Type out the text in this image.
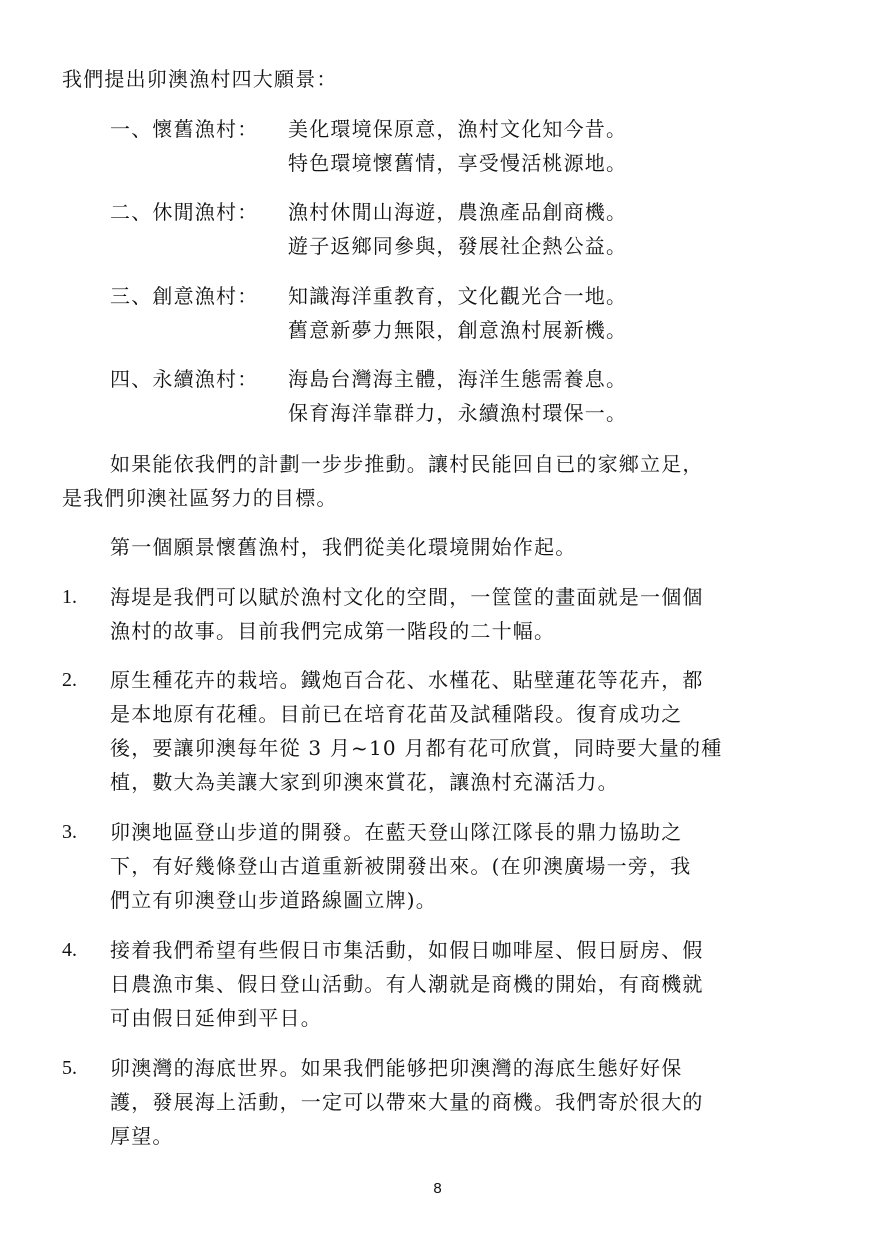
我們提出卯澳漁村四大願景：
一、懷舊漁村： 美化環境保原意，漁村文化知今昔。
特色環境懷舊情，享受慢活桃源地。
二、休閒漁村： 漁村休閒山海遊，農漁產品創商機。
遊子返鄉同參與，發展社企熱公益。
三、創意漁村： 知識海洋重教育，文化觀光合一地。
舊意新夢力無限，創意漁村展新機。
四、永續漁村： 海島台灣海主體，海洋生態需養息。
保育海洋靠群力，永續漁村環保一。
如果能依我們的計劃一步步推動。讓村民能回自已的家鄉立足，
是我們卯澳社區努力的目標。
第一個願景懷舊漁村，我們從美化環境開始作起。
1. 海堤是我們可以賦於漁村文化的空間，一筐筐的畫面就是一個個
漁村的故事。目前我們完成第一階段的二十幅。
2. 原生種花卉的栽培。鐵炮百合花、水槿花、貼壁蓮花等花卉，都
是本地原有花種。目前已在培育花苗及試種階段。復育成功之
後，要讓卯澳每年從 3 月~10 月都有花可欣賞，同時要大量的種
植，數大為美讓大家到卯澳來賞花，讓漁村充滿活力。
3. 卯澳地區登山步道的開發。在藍天登山隊江隊長的鼎力協助之
下，有好幾條登山古道重新被開發出來。(在卯澳廣場一旁，我
們立有卯澳登山步道路線圖立牌)。
4. 接着我們希望有些假日市集活動，如假日咖啡屋、假日厨房、假
日農漁市集、假日登山活動。有人潮就是商機的開始，有商機就
可由假日延伸到平日。
5. 卯澳灣的海底世界。如果我們能够把卯澳灣的海底生態好好保
護，發展海上活動，一定可以帶來大量的商機。我們寄於很大的
厚望。
8
